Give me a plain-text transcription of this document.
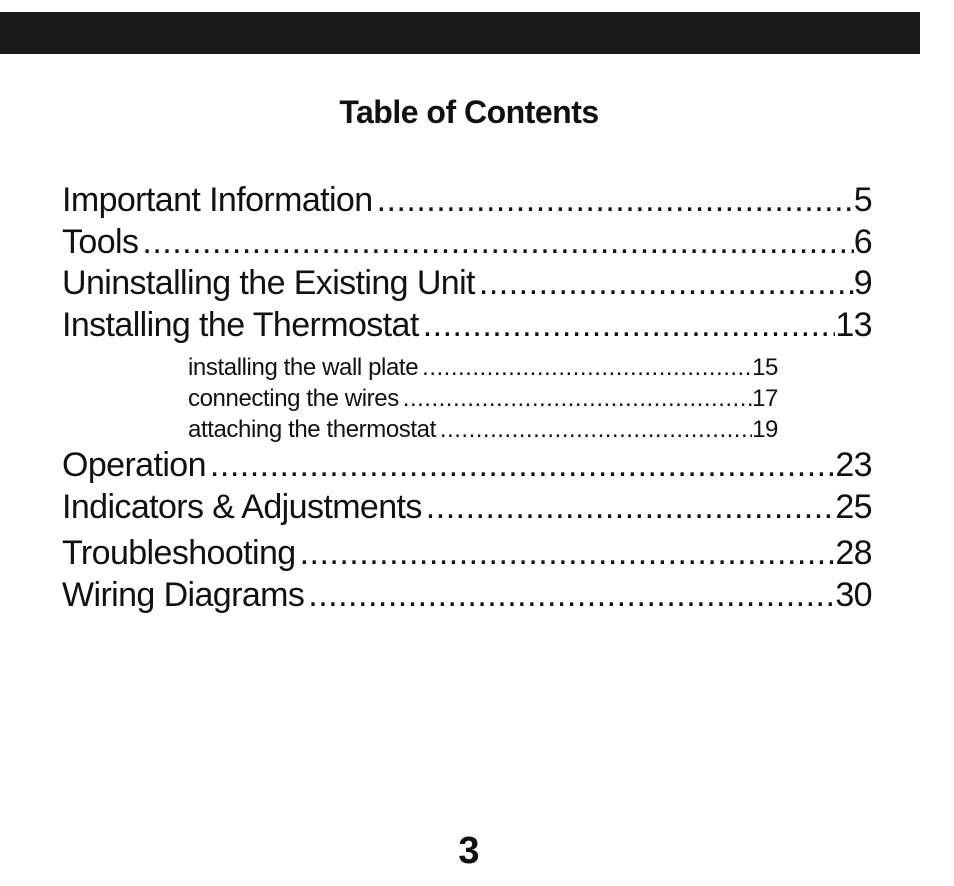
Table of Contents
Important Information .....	5
Tools .....	6
Uninstalling the Existing Unit .....	9
Installing the Thermostat .....	13
installing the wall plate .....	15
connecting the wires .....	17
attaching the thermostat .....	19
Operation .....	23
Indicators & Adjustments .....	25
Troubleshooting .....	28
Wiring Diagrams .....	30
3
